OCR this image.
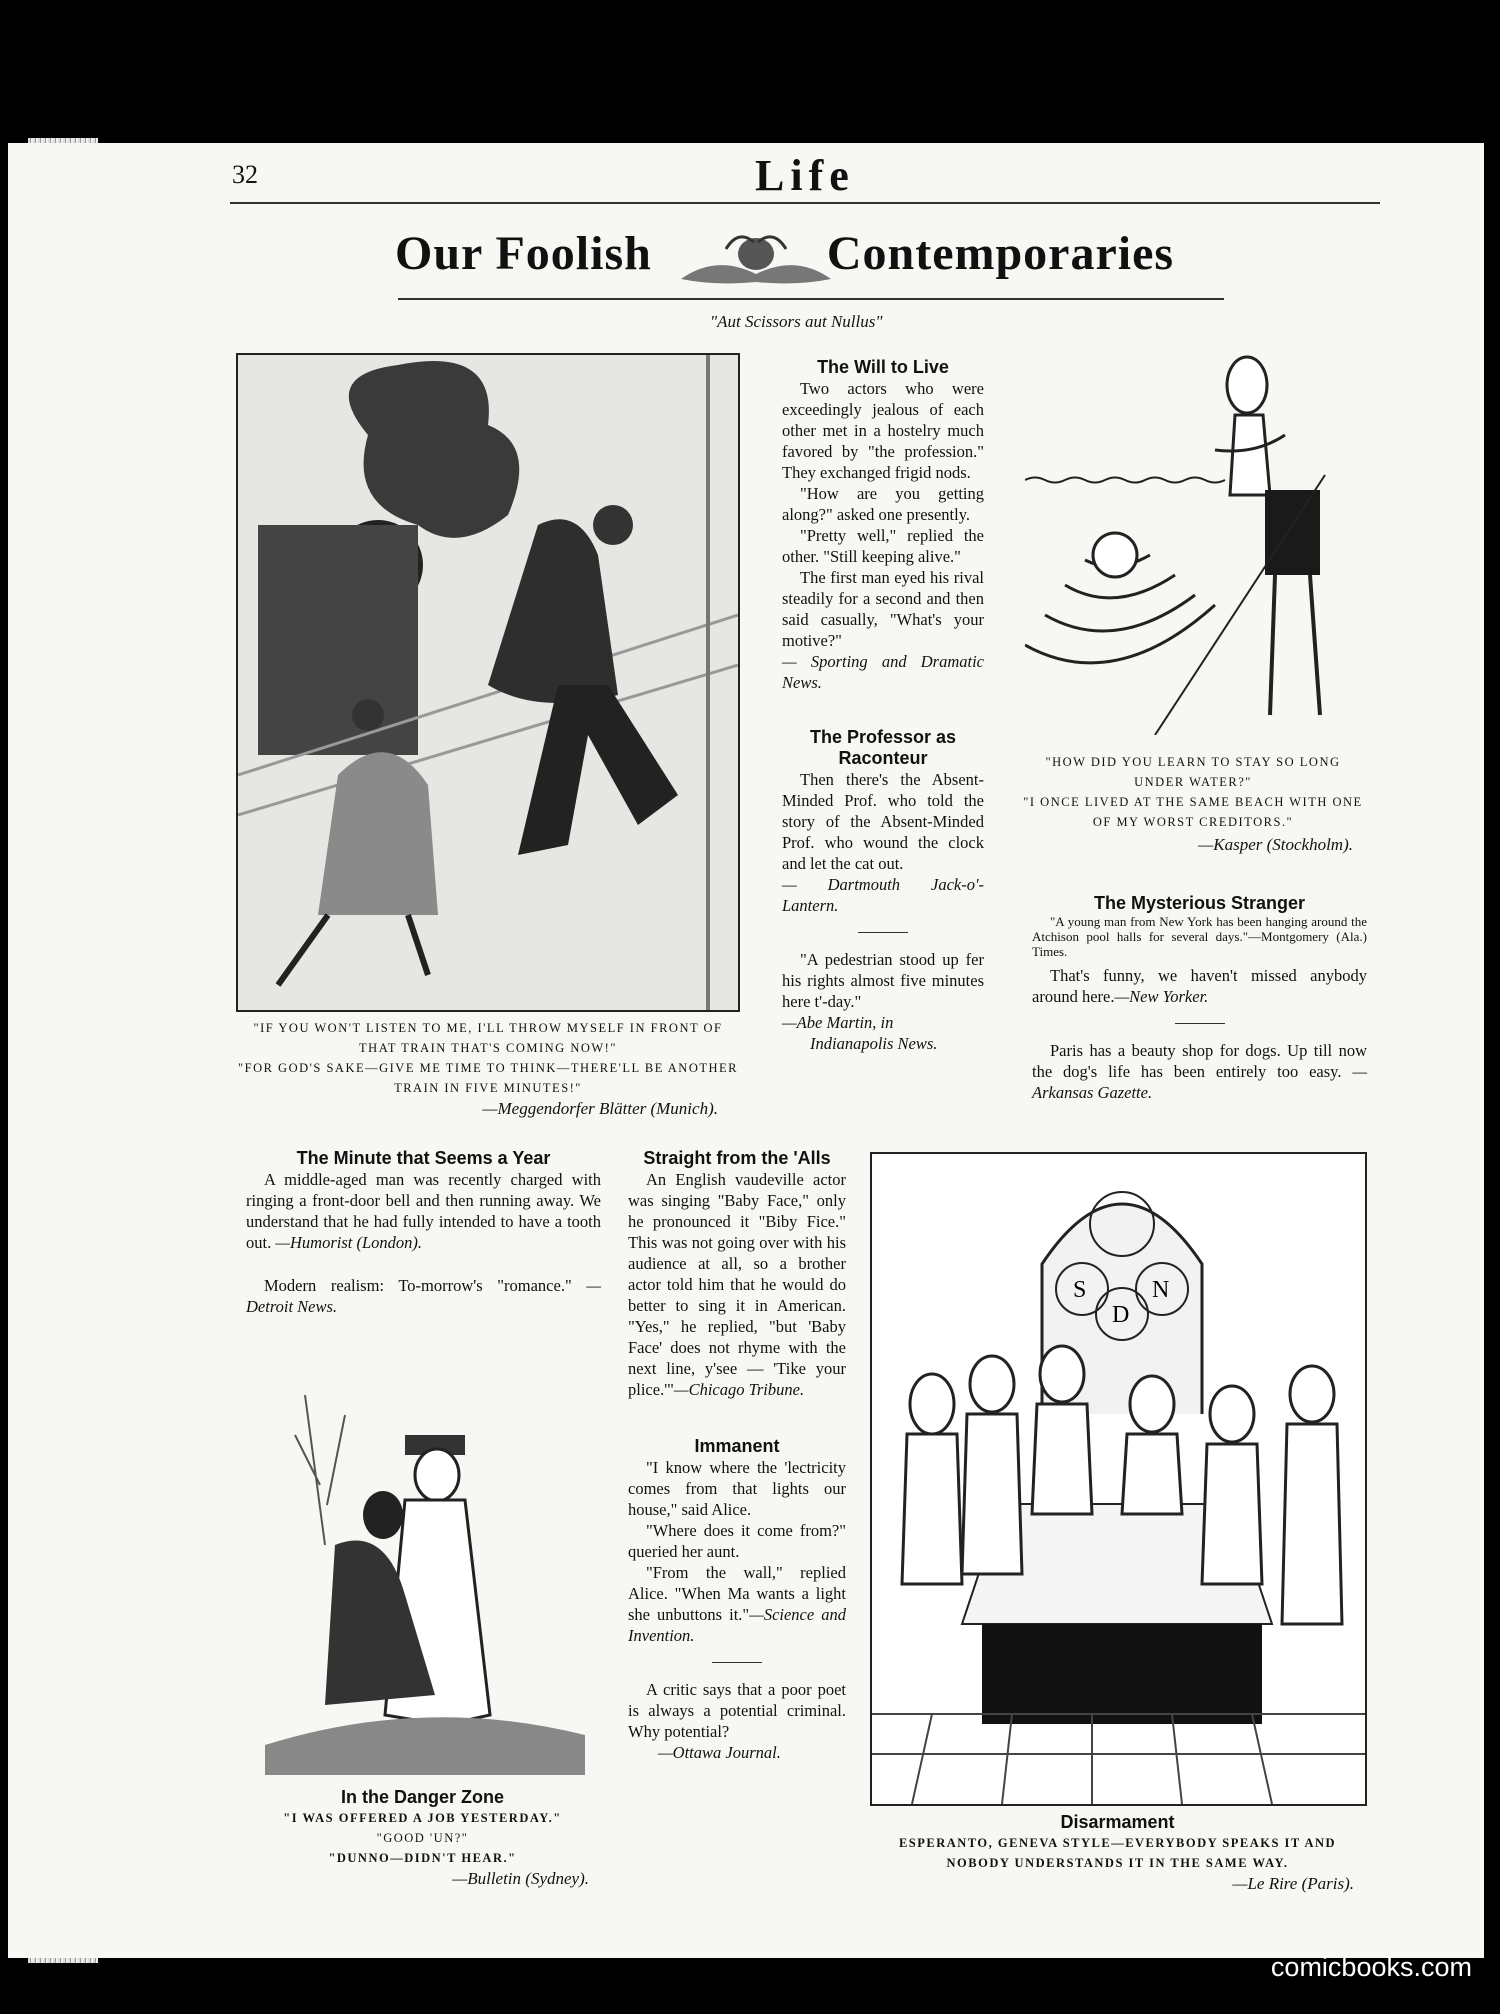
32	Life
Our Foolish	Contemporaries
"Aut Scissors aut Nullus"
"IF YOU WON'T LISTEN TO ME, I'LL THROW MYSELF IN FRONT OF THAT TRAIN THAT'S COMING NOW!"
"FOR GOD'S SAKE—GIVE ME TIME TO THINK—THERE'LL BE ANOTHER TRAIN IN FIVE MINUTES!"
—Meggendorfer Blätter (Munich).

The Will to Live

Two actors who were exceedingly jealous of each other met in a hostelry much favored by "the profession." They exchanged frigid nods.

"How are you getting along?" asked one presently.

"Pretty well," replied the other. "Still keeping alive."

The first man eyed his rival steadily for a second and then said casually, "What's your motive?"

— Sporting and Dramatic News.

The Professor as Raconteur

Then there's the Absent-Minded Prof. who told the story of the Absent-Minded Prof. who wound the clock and let the cat out.

— Dartmouth Jack-o'-Lantern.

"A pedestrian stood up fer his rights almost five minutes here t'-day."

—Abe Martin, in

Indianapolis News.

"HOW DID YOU LEARN TO STAY SO LONG UNDER WATER?"
"I ONCE LIVED AT THE SAME BEACH WITH ONE OF MY WORST CREDITORS."
—Kasper (Stockholm).

The Mysterious Stranger

"A young man from New York has been hanging around the Atchison pool halls for several days."—Montgomery (Ala.) Times.

That's funny, we haven't missed anybody around here.—New Yorker.

Paris has a beauty shop for dogs. Up till now the dog's life has been entirely too easy. —Arkansas Gazette.

The Minute that Seems a Year

A middle-aged man was recently charged with ringing a front-door bell and then running away. We understand that he had fully intended to have a tooth out. —Humorist (London).

Modern realism: To-morrow's "romance." —Detroit News.

In the Danger Zone

"I WAS OFFERED A JOB YESTERDAY."
"GOOD 'UN?"
"DUNNO—DIDN'T HEAR."
—Bulletin (Sydney).

Straight from the 'Alls

An English vaudeville actor was singing "Baby Face," only he pronounced it "Biby Fice." This was not going over with his audience at all, so a brother actor told him that he would do better to sing it in American. "Yes," he replied, "but 'Baby Face' does not rhyme with the next line, y'see — 'Tike your plice.'"—Chicago Tribune.

Immanent

"I know where the 'lectricity comes from that lights our house," said Alice.

"Where does it come from?" queried her aunt.

"From the wall," replied Alice. "When Ma wants a light she unbuttons it."—Science and Invention.

A critic says that a poor poet is always a potential criminal. Why potential?

—Ottawa Journal.

S
D
N

Disarmament

ESPERANTO, GENEVA STYLE—EVERYBODY SPEAKS IT AND NOBODY UNDERSTANDS IT IN THE SAME WAY.
—Le Rire (Paris).
comicbooks.com
